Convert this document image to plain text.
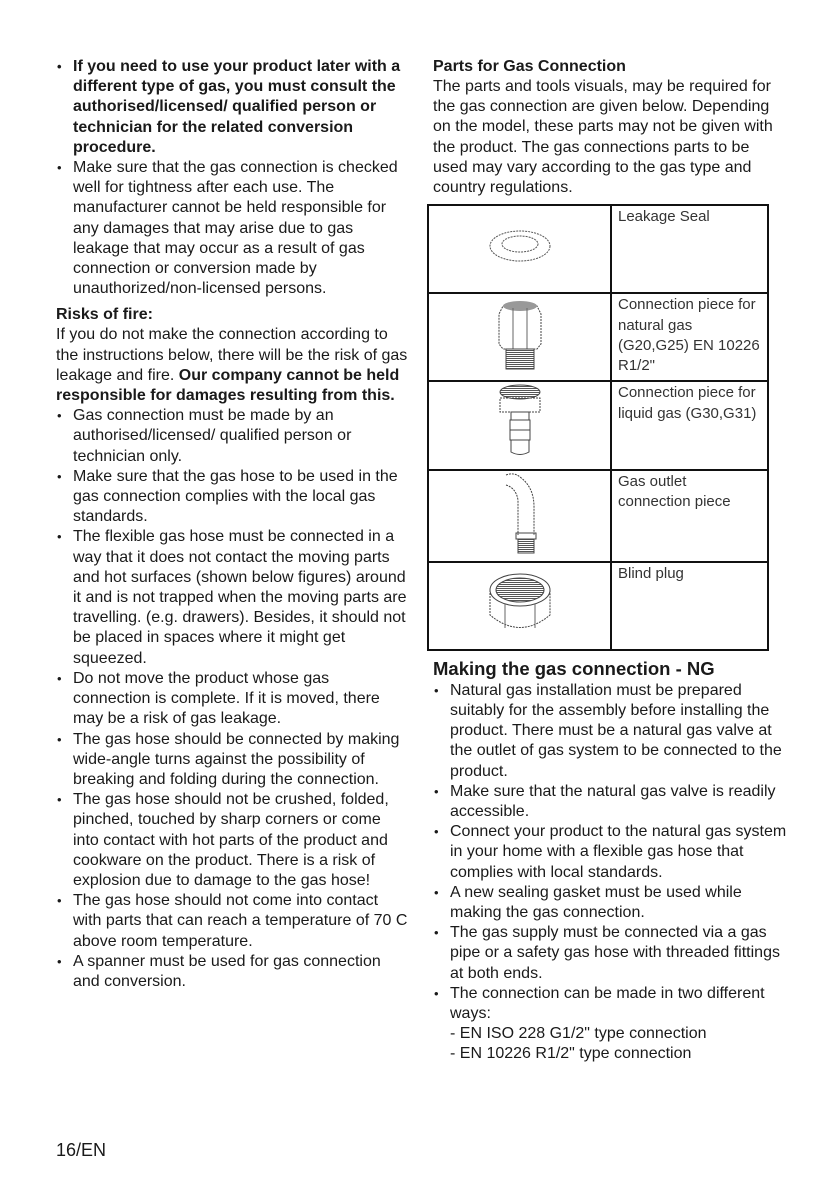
• If you need to use your product later with a different type of gas, you must consult the authorised/licensed/ qualified person or technician for the related conversion procedure.
• Make sure that the gas connection is checked well for tightness after each use. The manufacturer cannot be held responsible for any damages that may arise due to gas leakage that may occur as a result of gas connection or conversion made by unauthorized/non-licensed persons.
Risks of fire:

If you do not make the connection according to the instructions below, there will be the risk of gas leakage and fire. Our company cannot be held responsible for damages resulting from this.

• Gas connection must be made by an authorised/licensed/ qualified person or technician only.
• Make sure that the gas hose to be used in the gas connection complies with the local gas standards.
• The flexible gas hose must be connected in a way that it does not contact the moving parts and hot surfaces (shown below figures) around it and is not trapped when the moving parts are travelling. (e.g. drawers). Besides, it should not be placed in spaces where it might get squeezed.
• Do not move the product whose gas connection is complete. If it is moved, there may be a risk of gas leakage.
• The gas hose should be connected by making wide-angle turns against the possibility of breaking and folding during the connection.
• The gas hose should not be crushed, folded, pinched, touched by sharp corners or come into contact with hot parts of the product and cookware on the product. There is a risk of explosion due to damage to the gas hose!
• The gas hose should not come into contact with parts that can reach a temperature of 70 C above room temperature.
• A spanner must be used for gas connection and conversion.
Parts for Gas Connection

The parts and tools visuals, may be required for the gas connection are given below. Depending on the model, these parts may not be given with the product. The gas connections parts to be used may vary according to the gas type and country regulations.

	Leakage Seal
	Connection piece for natural gas (G20,G25) EN 10226 R1/2"
	Connection piece for liquid gas (G30,G31)
	Gas outlet connection piece
	Blind plug
Making the gas connection - NG
• Natural gas installation must be prepared suitably for the assembly before installing the product. There must be a natural gas valve at the outlet of gas system to be connected to the product.
• Make sure that the natural gas valve is readily accessible.
• Connect your product to the natural gas system in your home with a flexible gas hose that complies with local standards.
• A new sealing gasket must be used while making the gas connection.
• The gas supply must be connected via a gas pipe or a safety gas hose with threaded fittings at both ends.
• The connection can be made in two different ways:

- EN ISO 228 G1/2" type connection

- EN 10226 R1/2" type connection

16/EN
